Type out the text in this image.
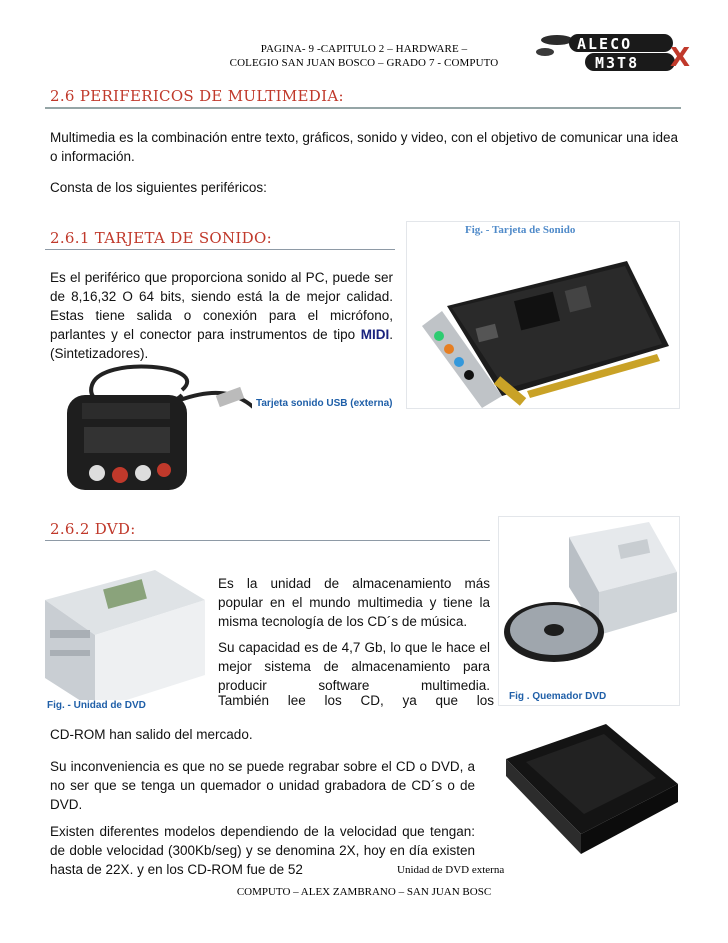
PAGINA- 9 -CAPITULO 2 – HARDWARE –
COLEGIO SAN JUAN BOSCO – GRADO 7 - COMPUTO
ALECO
M3T8 X
2.6 PERIFERICOS DE MULTIMEDIA:
Multimedia es la combinación entre texto, gráficos, sonido y video, con el objetivo de comunicar una idea o información.
Consta de los siguientes periféricos:
2.6.1 TARJETA DE SONIDO:
Es el periférico que proporciona sonido al PC, puede ser de 8,16,32 O 64 bits, siendo está la de mejor calidad. Estas tiene salida o conexión para el micrófono, parlantes y el conector para instrumentos de tipo MIDI. (Sintetizadores).
Fig. - Tarjeta de Sonido
Tarjeta sonido USB (externa)
2.6.2 DVD:
Fig. - Unidad de DVD
Es la unidad de almacenamiento más popular en el mundo multimedia y tiene la misma tecnología de los CD´s de música.
Su capacidad es de 4,7 Gb, lo que le hace el mejor sistema de almacenamiento para producir software multimedia.
También lee los CD, ya que los Fig . Quemador DVD
CD-ROM han salido del mercado.
Su inconveniencia es que no se puede regrabar sobre el CD o DVD, a no ser que se tenga un quemador o unidad grabadora de CD´s o de DVD.
Existen diferentes modelos dependiendo de la velocidad que tengan: de doble velocidad (300Kb/seg) y se denomina 2X, hoy en día existen hasta de 22X. y en los CD-ROM fue de 52	Unidad de DVD externa
COMPUTO – ALEX ZAMBRANO – SAN JUAN BOSC
